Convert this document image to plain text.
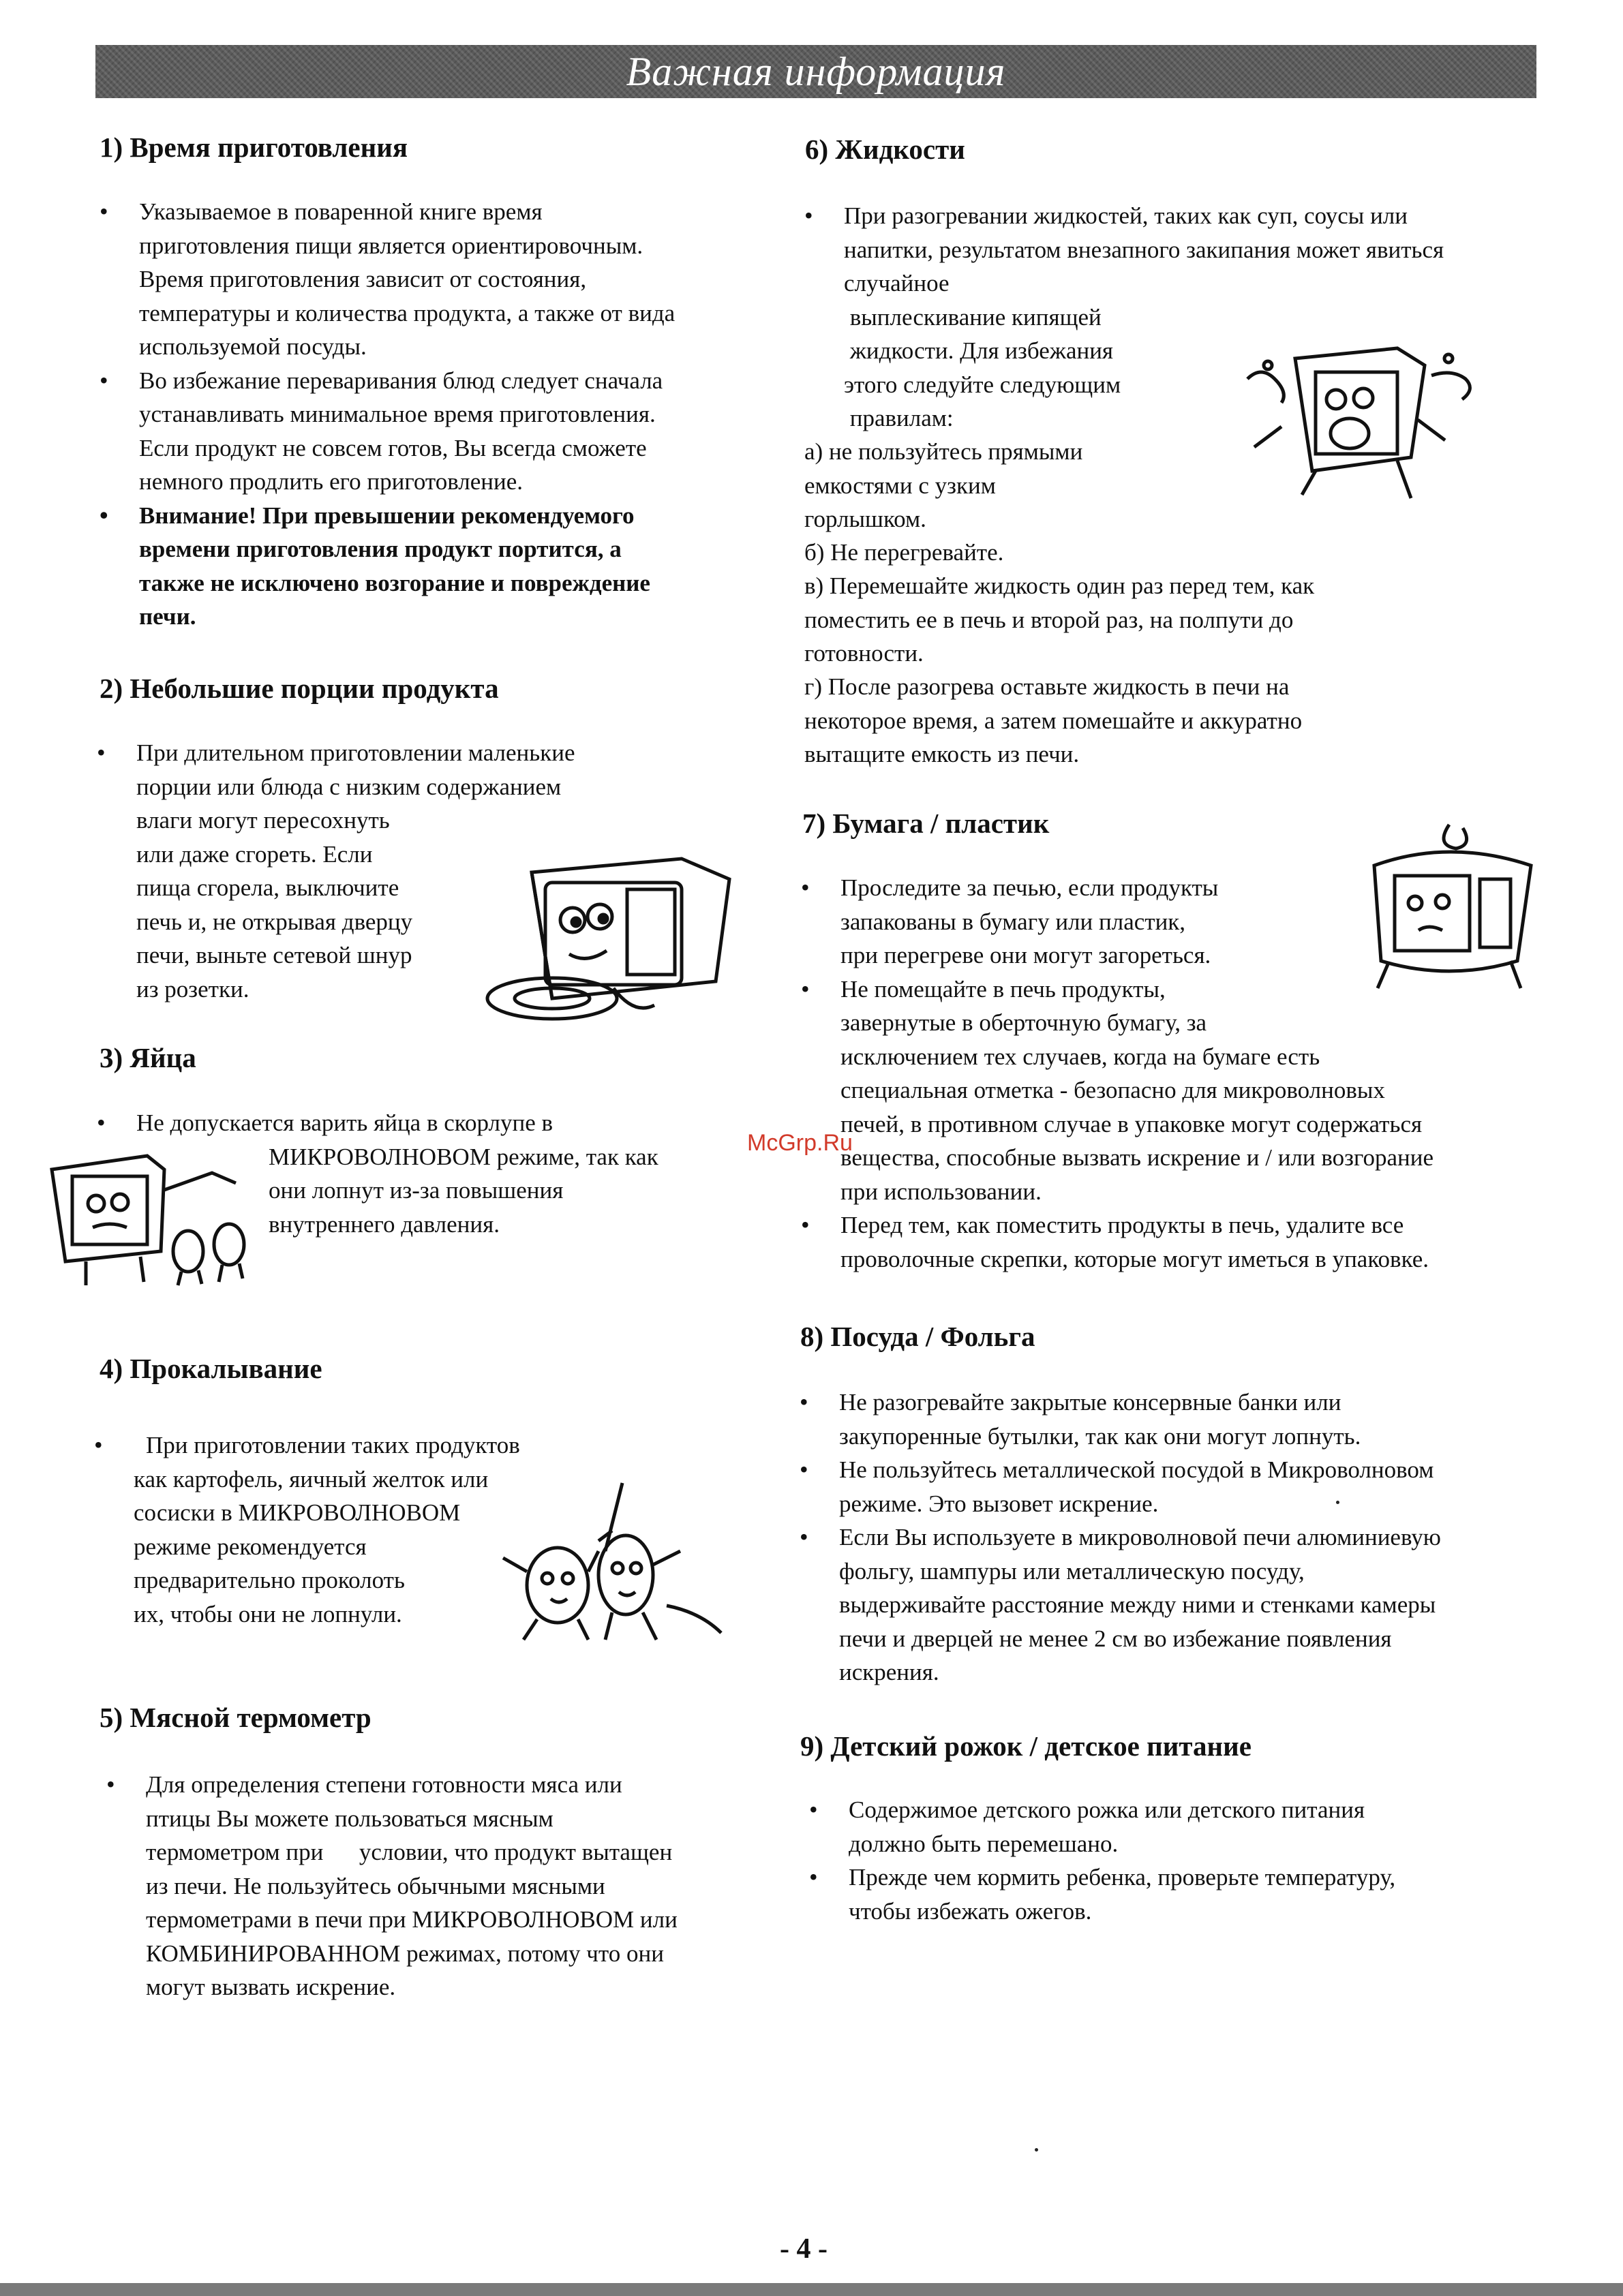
Важная информация
1) Время приготовления
• Указываемое в поваренной книге время
приготовления пищи является ориентировочным.
Время приготовления зависит от состояния,
температуры и количества продукта, а также от вида
используемой посуды.
• Во избежание переваривания блюд следует сначала
устанавливать минимальное время приготовления.
Если продукт не совсем готов, Вы всегда сможете
немного продлить его приготовление.
• Внимание! При превышении рекомендуемого
времени приготовления продукт портится, а
также не исключено возгорание и повреждение
печи.
2) Небольшие порции продукта
• При длительном приготовлении маленькие
порции или блюда с низким содержанием
влаги могут пересохнуть
или даже сгореть. Если
пища сгорела, выключите
печь и, не открывая дверцу
печи, выньте сетевой шнур
из розетки.
3) Яйца
• Не допускается варить яйца в скорлупе в
МИКРОВОЛНОВОМ режиме, так как
они лопнут из-за повышения
внутреннего давления.
4) Прокалывание
• При приготовлении таких продуктов
как картофель, яичный желток или
сосиски в МИКРОВОЛНОВОМ
режиме рекомендуется
предварительно проколоть
их, чтобы они не лопнули.
5) Мясной термометр
• Для определения степени готовности мяса или
птицы Вы можете пользоваться мясным
термометром при      условии, что продукт вытащен
из печи. Не пользуйтесь обычными мясными
термометрами в печи при МИКРОВОЛНОВОМ или
КОМБИНИРОВАННОМ режимах, потому что они
могут вызвать искрение.
6) Жидкости
• При разогревании жидкостей, таких как суп, соусы или
напитки, результатом внезапного закипания может явиться
случайное
выплескивание кипящей
жидкости. Для избежания
этого следуйте следующим
правилам:
а) не пользуйтесь прямыми
емкостями с узким
горлышком.
б) Не перегревайте.
в) Перемешайте жидкость один раз перед тем, как
поместить ее в печь и второй раз, на полпути до
готовности.
г) После разогрева оставьте жидкость в печи на
некоторое время, а затем помешайте и аккуратно
вытащите емкость из печи.
7) Бумага / пластик
• Проследите за печью, если продукты
запакованы в бумагу или пластик,
при перегреве они могут загореться.
• Не помещайте в печь продукты,
завернутые в оберточную бумагу, за
исключением тех случаев, когда на бумаге есть
специальная отметка - безопасно для микроволновых
печей, в противном случае в упаковке могут содержаться
вещества, способные вызвать искрение и / или возгорание
при использовании.
• Перед тем, как поместить продукты в печь, удалите все
проволочные скрепки, которые могут иметься в упаковке.
McGrp.Ru
8) Посуда / Фольга
• Не разогревайте закрытые консервные банки или
закупоренные бутылки, так как они могут лопнуть.
• Не пользуйтесь металлической посудой в Микроволновом
режиме. Это вызовет искрение.
• Если Вы используете в микроволновой печи алюминиевую
фольгу, шампуры или металлическую посуду,
выдерживайте расстояние между ними и стенками камеры
печи и дверцей не менее 2 см во избежание появления
искрения.
9) Детский рожок / детское питание
• Содержимое детского рожка или детского питания
должно быть перемешано.
• Прежде чем кормить ребенка, проверьте температуру,
чтобы избежать ожегов.
- 4 -
